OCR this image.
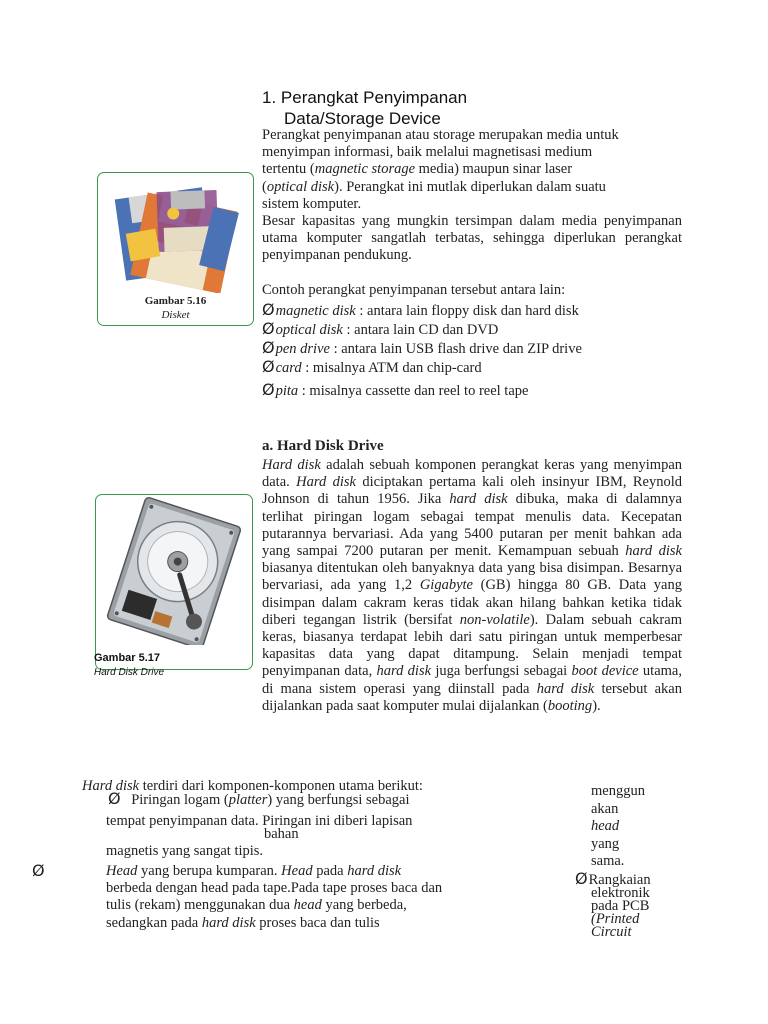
1. Perangkat Penyimpanan
Data/Storage Device
Perangkat penyimpanan atau storage merupakan media untuk
menyimpan informasi, baik melalui magnetisasi medium
tertentu (magnetic storage media) maupun sinar laser
(optical disk). Perangkat ini mutlak diperlukan dalam suatu
sistem komputer.
Besar kapasitas yang mungkin tersimpan dalam media penyimpanan utama komputer sangatlah terbatas, sehingga diperlukan perangkat penyimpanan pendukung.
Contoh perangkat penyimpanan tersebut antara lain:
Ømagnetic disk : antara lain floppy disk dan hard disk
Øoptical disk : antara lain CD dan DVD
Øpen drive : antara lain USB flash drive dan ZIP drive
Øcard : misalnya ATM dan chip-card
Øpita : misalnya cassette dan reel to reel tape
Gambar 5.16
Disket
a. Hard Disk Drive
Hard disk adalah sebuah komponen perangkat keras yang menyimpan data. Hard disk diciptakan pertama kali oleh insinyur IBM, Reynold Johnson di tahun 1956. Jika hard disk dibuka, maka di dalamnya terlihat piringan logam sebagai tempat menulis data. Kecepatan putarannya bervariasi. Ada yang 5400 putaran per menit bahkan ada yang sampai 7200 putaran per menit. Kemampuan sebuah hard disk biasanya ditentukan oleh banyaknya data yang bisa disimpan. Besarnya bervariasi, ada yang 1,2 Gigabyte (GB) hingga 80 GB. Data yang disimpan dalam cakram keras tidak akan hilang bahkan ketika tidak diberi tegangan listrik (bersifat non-volatile). Dalam sebuah cakram keras, biasanya terdapat lebih dari satu piringan untuk memperbesar kapasitas data yang dapat ditampung. Selain menjadi tempat penyimpanan data, hard disk juga berfungsi sebagai boot device utama, di mana sistem operasi yang diinstall pada hard disk tersebut akan dijalankan pada saat komputer mulai dijalankan (booting).
Gambar 5.17
Hard Disk Drive
Hard disk terdiri dari komponen-komponen utama berikut:
Ø Piringan logam (platter) yang berfungsi sebagai
tempat penyimpanan data. Piringan ini diberi lapisan
bahan
magnetis yang sangat tipis.
Ø	Head yang berupa kumparan. Head pada hard disk
berbeda dengan head pada tape.Pada tape proses baca dan
tulis (rekam) menggunakan dua head yang berbeda,
sedangkan pada hard disk proses baca dan tulis
menggun
akan
head
yang
sama.
ØRangkaian
elektronik
pada PCB
(Printed
Circuit
